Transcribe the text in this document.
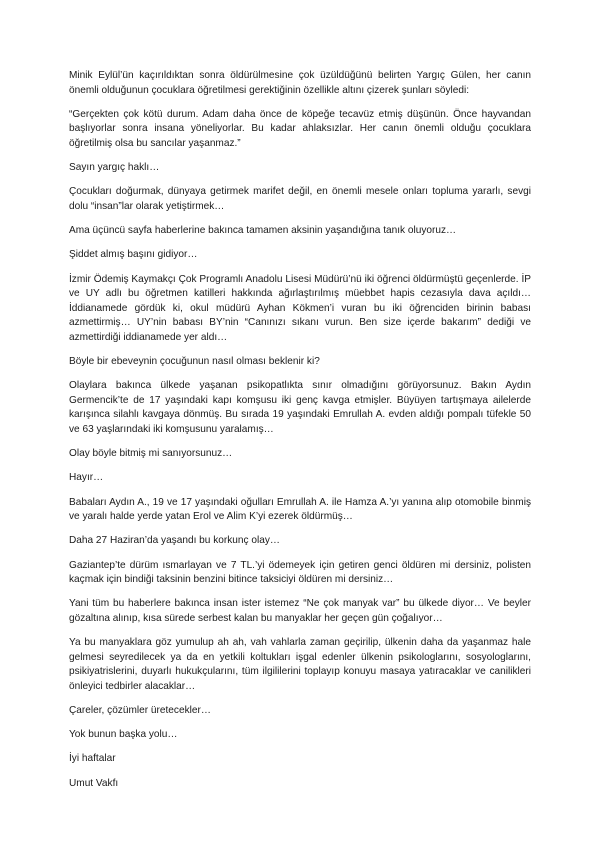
Minik Eylül’ün kaçırıldıktan sonra öldürülmesine çok üzüldüğünü belirten Yargıç Gülen, her canın önemli olduğunun çocuklara öğretilmesi gerektiğinin özellikle altını çizerek şunları söyledi:

“Gerçekten çok kötü durum. Adam daha önce de köpeğe tecavüz etmiş düşünün. Önce hayvandan başlıyorlar sonra insana yöneliyorlar. Bu kadar ahlaksızlar. Her canın önemli olduğu çocuklara öğretilmiş olsa bu sancılar yaşanmaz.”

Sayın yargıç haklı…

Çocukları doğurmak, dünyaya getirmek marifet değil, en önemli mesele onları topluma yararlı, sevgi dolu “insan”lar olarak yetiştirmek…

Ama üçüncü sayfa haberlerine bakınca tamamen aksinin yaşandığına tanık oluyoruz…

Şiddet almış başını gidiyor…

İzmir Ödemiş Kaymakçı Çok Programlı Anadolu Lisesi Müdürü’nü iki öğrenci öldürmüştü geçenlerde. İP ve UY adlı bu öğretmen katilleri hakkında ağırlaştırılmış müebbet hapis cezasıyla dava açıldı… İddianamede gördük ki, okul müdürü Ayhan Kökmen’i vuran bu iki öğrenciden birinin babası azmettirmiş… UY’nin babası BY’nin “Canınızı sıkanı vurun. Ben size içerde bakarım” dediği ve azmettirdiği iddianamede yer aldı…

Böyle bir ebeveynin çocuğunun nasıl olması beklenir ki?

Olaylara bakınca ülkede yaşanan psikopatlıkta sınır olmadığını görüyorsunuz. Bakın Aydın Germencik’te de 17 yaşındaki kapı komşusu iki genç kavga etmişler. Büyüyen tartışmaya ailelerde karışınca silahlı kavgaya dönmüş. Bu sırada 19 yaşındaki Emrullah A. evden aldığı pompalı tüfekle 50 ve 63 yaşlarındaki iki komşusunu yaralamış…

Olay böyle bitmiş mi sanıyorsunuz…

Hayır…

Babaları Aydın A., 19 ve 17 yaşındaki oğulları Emrullah A. ile Hamza A.’yı yanına alıp otomobile binmiş ve yaralı halde yerde yatan Erol ve Alim K’yi ezerek öldürmüş…

Daha 27 Haziran’da yaşandı bu korkunç olay…

Gaziantep’te dürüm ısmarlayan ve 7 TL.’yi ödemeyek için getiren genci öldüren mi dersiniz, polisten kaçmak için bindiği taksinin benzini bitince taksiciyi öldüren mi dersiniz…

Yani tüm bu haberlere bakınca insan ister istemez “Ne çok manyak var” bu ülkede diyor… Ve beyler gözaltına alınıp, kısa sürede serbest kalan bu manyaklar her geçen gün çoğalıyor…

Ya bu manyaklara göz yumulup ah ah, vah vahlarla zaman geçirilip, ülkenin daha da yaşanmaz hale gelmesi seyredilecek ya da en yetkili koltukları işgal edenler ülkenin psikologlarını, sosyologlarını, psikiyatrislerini, duyarlı hukukçularını, tüm ilgililerini toplayıp konuyu masaya yatıracaklar ve canilikleri önleyici tedbirler alacaklar…

Çareler, çözümler üretecekler…

Yok bunun başka yolu…

İyi haftalar

Umut Vakfı
